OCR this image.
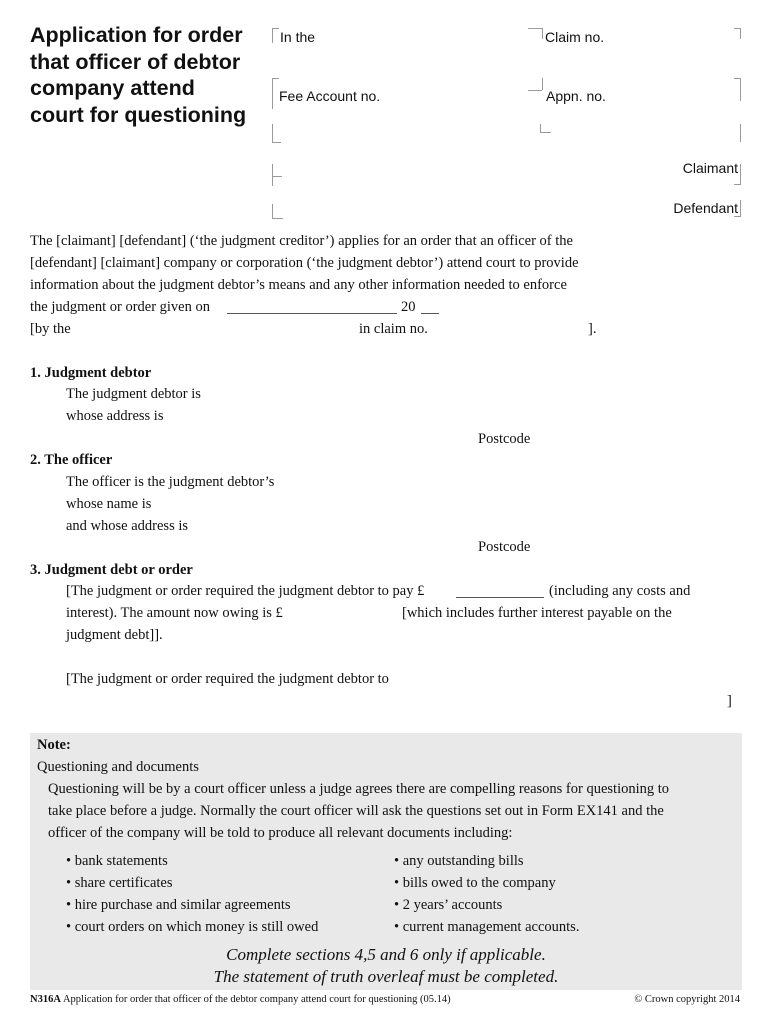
Application for order
that officer of debtor
company attend
court for questioning
In the	Claim no.
Fee Account no.	Appn. no.
Claimant
Defendant
The [claimant] [defendant] (‘the judgment creditor’) applies for an order that an officer of the
[defendant] [claimant] company or corporation (‘the judgment debtor’) attend court to provide
information about the judgment debtor’s means and any other information needed to enforce
the judgment or order given on	20
[by the	in claim no.	].
1. Judgment debtor
The judgment debtor is
whose address is
Postcode
2. The officer
The officer is the judgment debtor’s
whose name is
and whose address is
Postcode
3. Judgment debt or order
[The judgment or order required the judgment debtor to pay £	(including any costs and
interest). The amount now owing is £	[which includes further interest payable on the
judgment debt]].
[The judgment or order required the judgment debtor to
]
Note:
Questioning and documents
Questioning will be by a court officer unless a judge agrees there are compelling reasons for questioning to
take place before a judge. Normally the court officer will ask the questions set out in Form EX141 and the
officer of the company will be told to produce all relevant documents including:
• bank statements
• share certificates
• hire purchase and similar agreements
• court orders on which money is still owed
• any outstanding bills
• bills owed to the company
• 2 years’ accounts
• current management accounts.
Complete sections 4,5 and 6 only if applicable.
The statement of truth overleaf must be completed.
N316A Application for order that officer of the debtor company attend court for questioning (05.14)	© Crown copyright 2014
